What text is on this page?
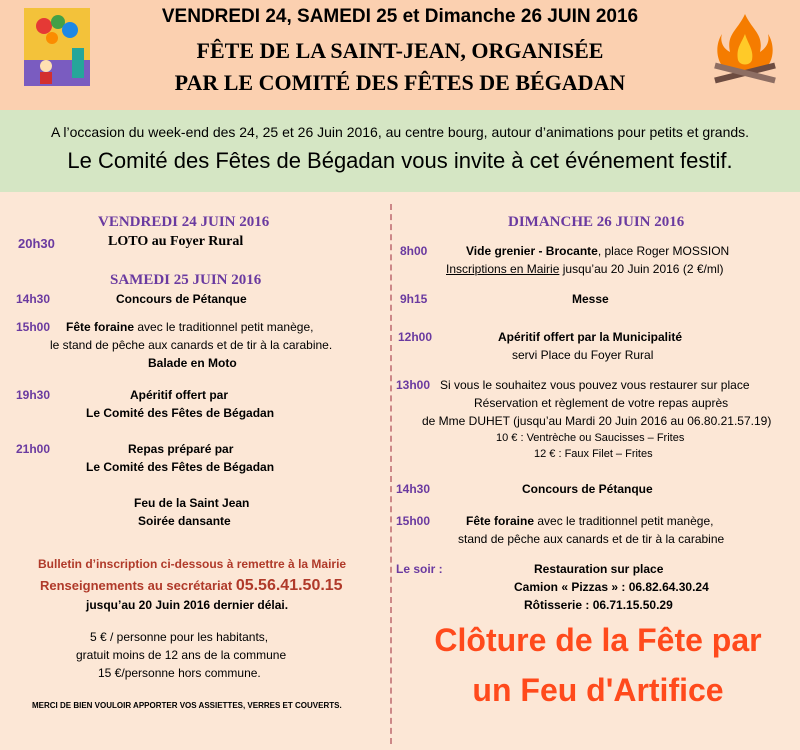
VENDREDI 24, SAMEDI 25 et Dimanche 26 JUIN 2016
FÊTE DE LA SAINT-JEAN, ORGANISÉE
PAR LE COMITÉ DES FÊTES DE BÉGADAN
A l’occasion du week-end des 24, 25 et 26 Juin 2016, au centre bourg, autour d’animations pour petits et grands.
Le Comité des Fêtes de Bégadan vous invite à cet événement festif.
VENDREDI 24 JUIN 2016
20h30	LOTO au Foyer Rural
SAMEDI 25 JUIN 2016
14h30	Concours de Pétanque
15h00 Fête foraine avec le traditionnel petit manège,
le stand de pêche aux canards et de tir à la carabine.
Balade en Moto
19h30	Apéritif offert par
Le Comité des Fêtes de Bégadan
21h00	Repas préparé par
Le Comité des Fêtes de Bégadan
Feu de la Saint Jean
Soirée dansante
Bulletin d’inscription ci-dessous à remettre à la Mairie
Renseignements au secrétariat 05.56.41.50.15
jusqu’au 20 Juin 2016 dernier délai.
5 € / personne pour les habitants,
gratuit moins de 12 ans de la commune
15 €/personne hors commune.
MERCI DE BIEN VOULOIR APPORTER VOS ASSIETTES, VERRES ET COUVERTS.
DIMANCHE 26 JUIN 2016
8h00	Vide grenier - Brocante, place Roger MOSSION
Inscriptions en Mairie jusqu’au 20 Juin 2016 (2 €/ml)
9h15	Messe
12h00	Apéritif offert par la Municipalité
servi Place du Foyer Rural
13h00 Si vous le souhaitez vous pouvez vous restaurer sur place
Réservation et règlement de votre repas auprès
de Mme DUHET (jusqu’au Mardi 20 Juin 2016 au 06.80.21.57.19)
10 € : Ventrèche ou Saucisses – Frites
12 € : Faux Filet – Frites
14h30	Concours de Pétanque
15h00	Fête foraine avec le traditionnel petit manège,
stand de pêche aux canards et de tir à la carabine
Le soir :	Restauration sur place
Camion « Pizzas » : 06.82.64.30.24
Rôtisserie : 06.71.15.50.29
Clôture de la Fête par
un Feu d'Artifice
